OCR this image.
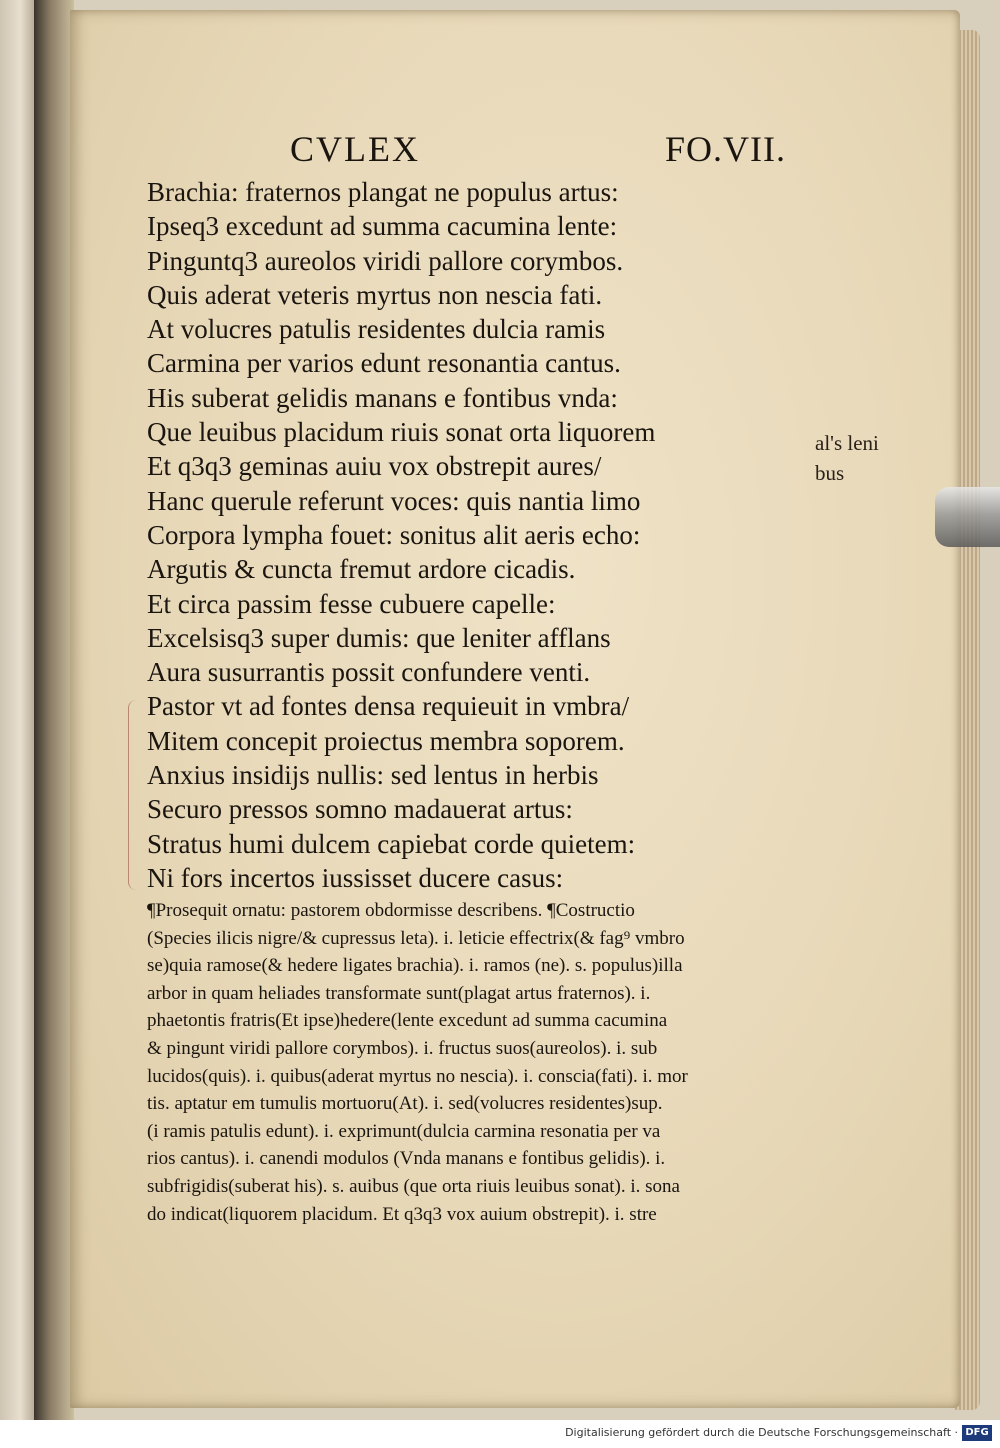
CVLEX	FO.VII.
Brachia: fraternos plangat ne populus artus:
Ipseq3 excedunt ad summa cacumina lente:
Pinguntq3 aureolos viridi pallore corymbos.
Quis aderat veteris myrtus non nescia fati.
At volucres patulis residentes dulcia ramis
Carmina per varios edunt resonantia cantus.
His suberat gelidis manans e fontibus vnda:
Que leuibus placidum riuis sonat orta liquorem
Et q3q3 geminas auiu vox obstrepit aures/
Hanc querule referunt voces: quis nantia limo
Corpora lympha fouet: sonitus alit aeris echo:
Argutis & cuncta fremut ardore cicadis.
Et circa passim fesse cubuere capelle:
Excelsisq3 super dumis: que leniter afflans
Aura susurrantis possit confundere venti.
Pastor vt ad fontes densa requieuit in vmbra/
Mitem concepit proiectus membra soporem.
Anxius insidijs nullis: sed lentus in herbis
Securo pressos somno madauerat artus:
Stratus humi dulcem capiebat corde quietem:
Ni fors incertos iussisset ducere casus:
al's leni
bus
¶Prosequit ornatu: pastorem obdormisse describens. ¶Costructio
(Species ilicis nigre/& cupressus leta). i. leticie effectrix(& fag⁹ vmbro
se)quia ramose(& hedere ligates brachia). i. ramos (ne). s. populus)illa
arbor in quam heliades transformate sunt(plagat artus fraternos). i.
phaetontis fratris(Et ipse)hedere(lente excedunt ad summa cacumina
& pingunt viridi pallore corymbos). i. fructus suos(aureolos). i. sub
lucidos(quis). i. quibus(aderat myrtus no nescia). i. conscia(fati). i. mor
tis. aptatur em tumulis mortuoru(At). i. sed(volucres residentes)sup.
(i ramis patulis edunt). i. exprimunt(dulcia carmina resonatia per va
rios cantus). i. canendi modulos (Vnda manans e fontibus gelidis). i.
subfrigidis(suberat his). s. auibus (que orta riuis leuibus sonat). i. sona
do indicat(liquorem placidum. Et q3q3 vox auium obstrepit). i. stre
Digitalisierung gefördert durch die Deutsche Forschungsgemeinschaft · DFG
